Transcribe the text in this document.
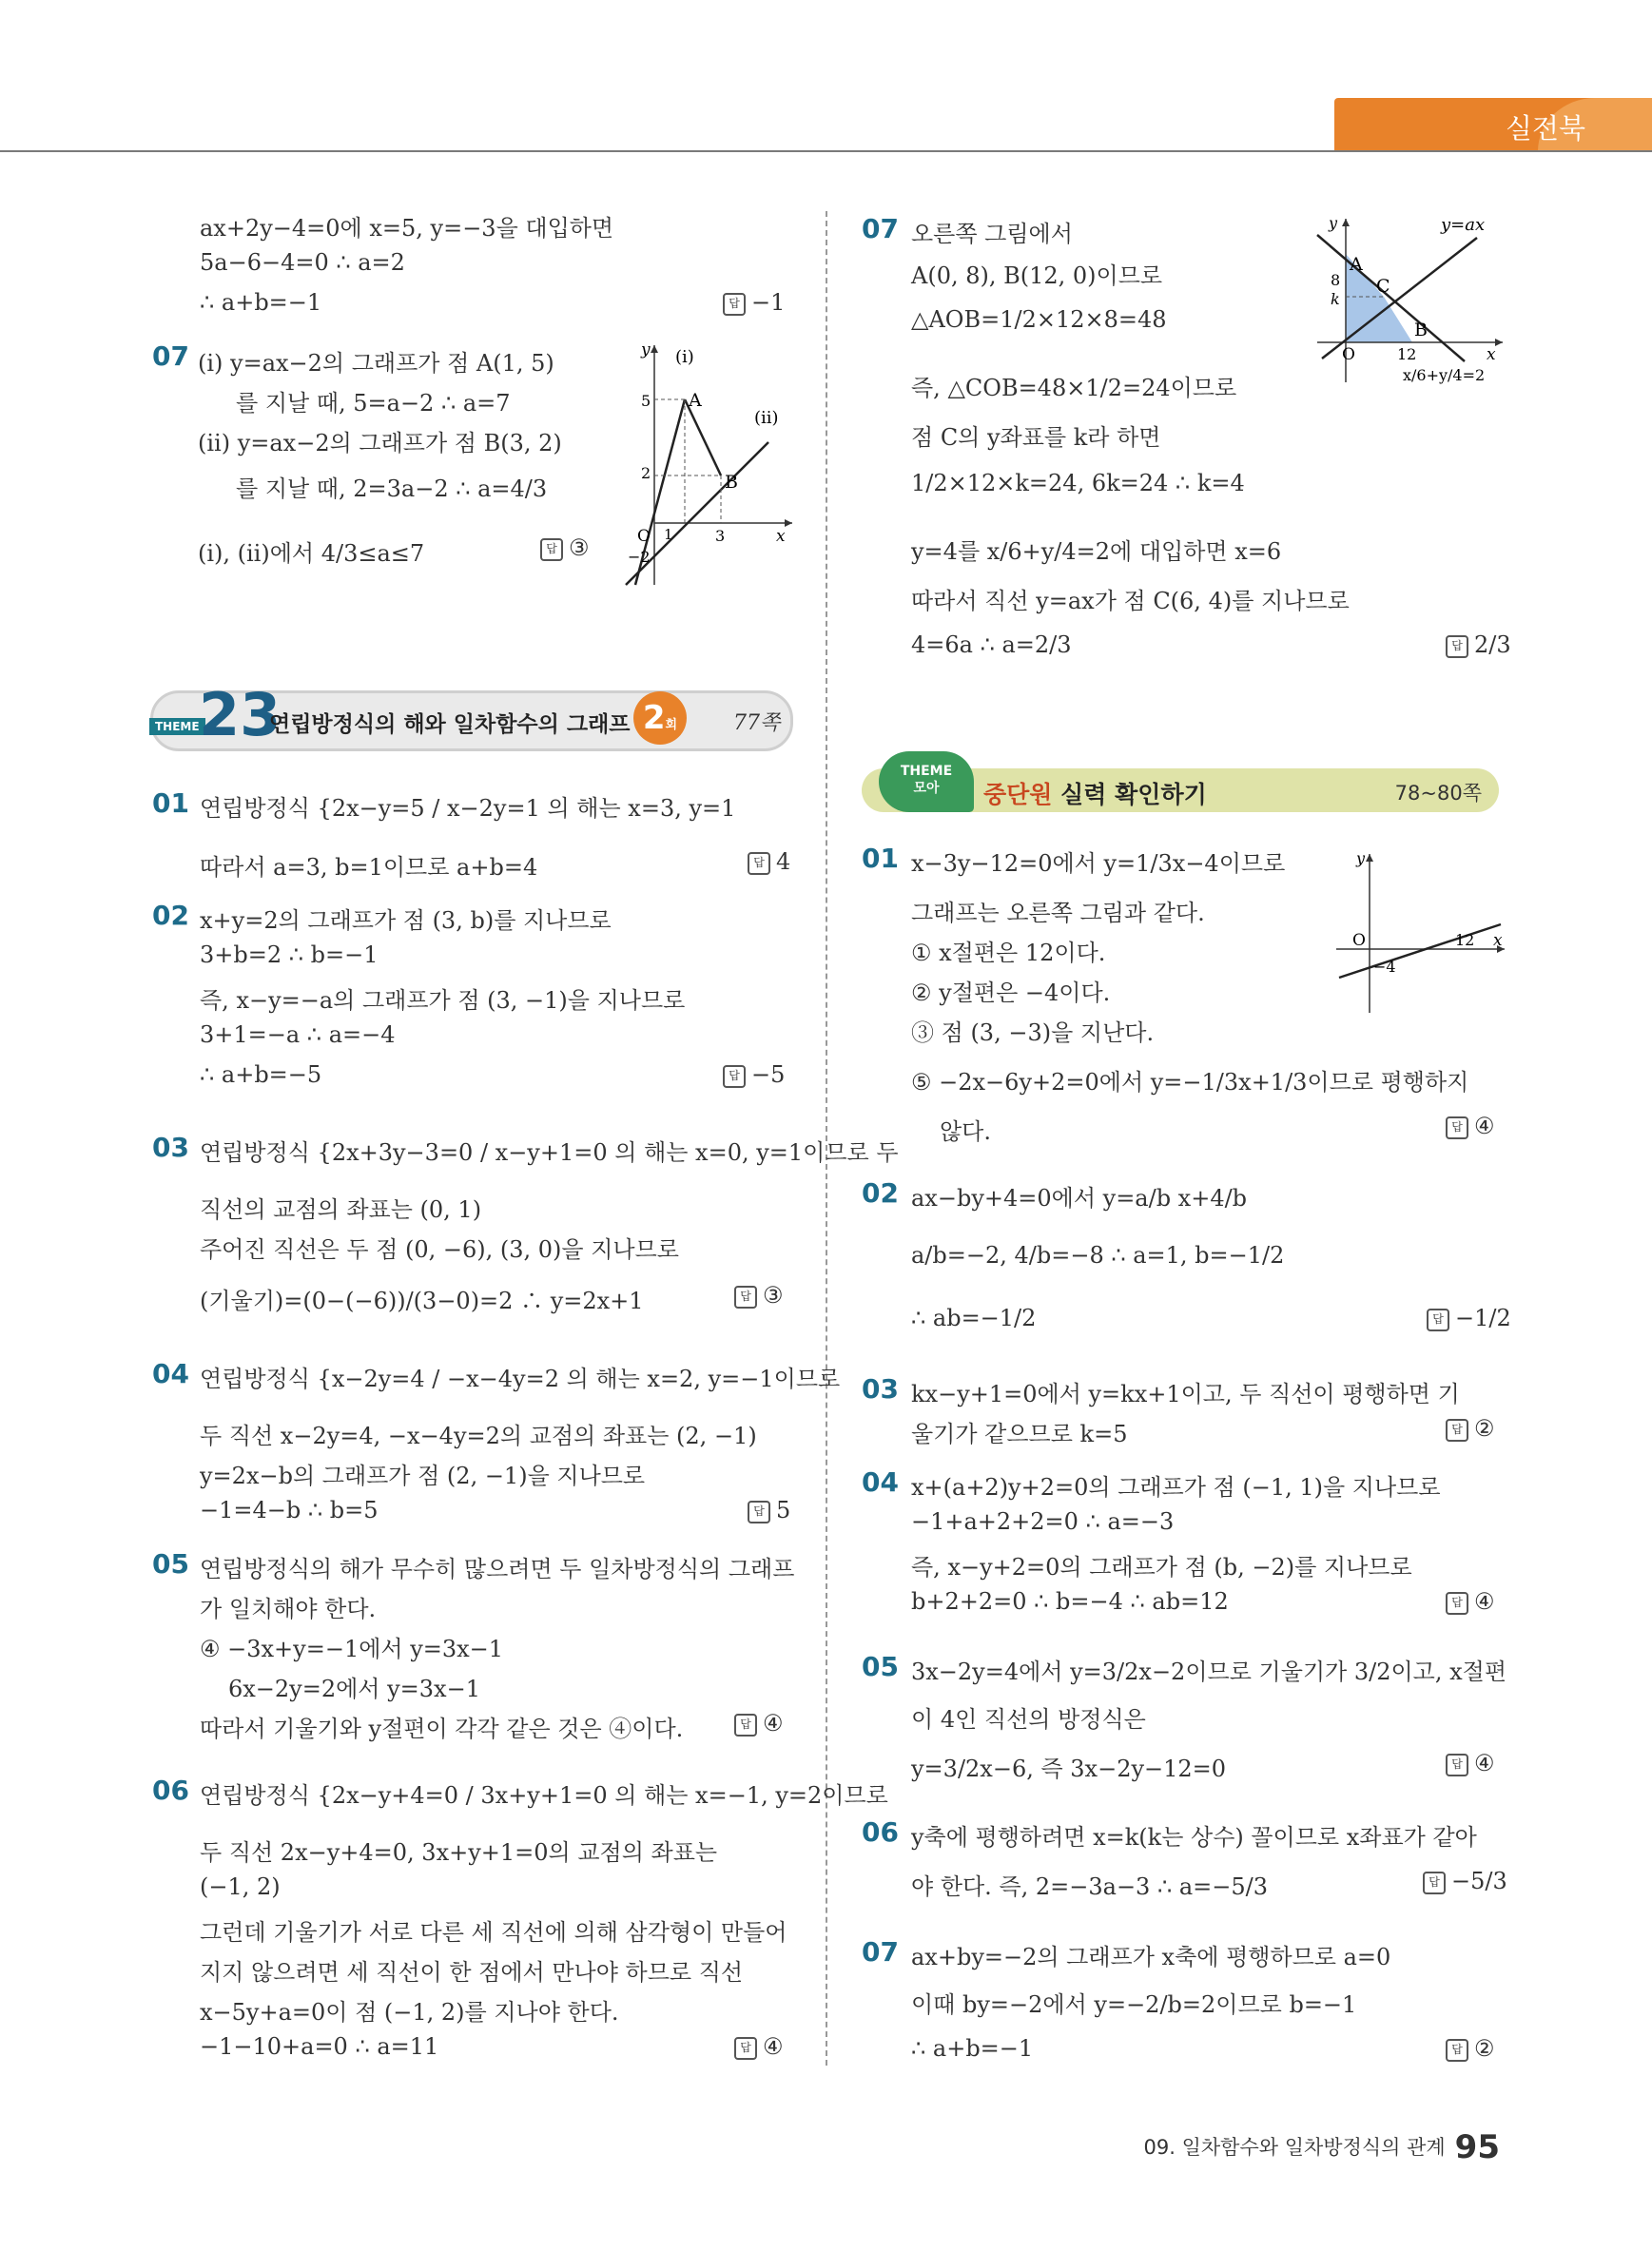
실전북
ax+2y−4=0에 x=5, y=−3을 대입하면
5a−6−4=0 ∴ a=2
∴ a+b=−1	답 −1
07 (ⅰ) y=ax−2의 그래프가 점 A(1, 5)
를 지날 때, 5=a−2 ∴ a=7
(ⅱ) y=ax−2의 그래프가 점 B(3, 2)
를 지날 때, 2=3a−2 ∴ a=4/3
(ⅰ), (ⅱ)에서 4/3≤a≤7	답 ③
y (ⅰ)
A
5
(ⅱ)
2	B
O 1	3	x
−2
THEME 23
연립방정식의 해와 일차함수의 그래프 2회	77쪽
01 연립방정식 {2x−y=5 / x−2y=1 의 해는 x=3, y=1
따라서 a=3, b=1이므로 a+b=4	답 4
02 x+y=2의 그래프가 점 (3, b)를 지나므로
3+b=2 ∴ b=−1
즉, x−y=−a의 그래프가 점 (3, −1)을 지나므로
3+1=−a ∴ a=−4
∴ a+b=−5	답 −5
03 연립방정식 {2x+3y−3=0 / x−y+1=0 의 해는 x=0, y=1이므로 두
직선의 교점의 좌표는 (0, 1)
주어진 직선은 두 점 (0, −6), (3, 0)을 지나므로
(기울기)=(0−(−6))/(3−0)=2 ∴ y=2x+1	답 ③
04 연립방정식 {x−2y=4 / −x−4y=2 의 해는 x=2, y=−1이므로
두 직선 x−2y=4, −x−4y=2의 교점의 좌표는 (2, −1)
y=2x−b의 그래프가 점 (2, −1)을 지나므로
−1=4−b ∴ b=5	답 5
05 연립방정식의 해가 무수히 많으려면 두 일차방정식의 그래프
가 일치해야 한다.
④ −3x+y=−1에서 y=3x−1
6x−2y=2에서 y=3x−1
따라서 기울기와 y절편이 각각 같은 것은 ④이다.	답 ④
06 연립방정식 {2x−y+4=0 / 3x+y+1=0 의 해는 x=−1, y=2이므로
두 직선 2x−y+4=0, 3x+y+1=0의 교점의 좌표는
(−1, 2)
그런데 기울기가 서로 다른 세 직선에 의해 삼각형이 만들어
지지 않으려면 세 직선이 한 점에서 만나야 하므로 직선
x−5y+a=0이 점 (−1, 2)를 지나야 한다.
−1−10+a=0 ∴ a=11	답 ④
07 오른쪽 그림에서
A(0, 8), B(12, 0)이므로
△AOB=1/2×12×8=48
즉, △COB=48×1/2=24이므로
점 C의 y좌표를 k라 하면
1/2×12×k=24, 6k=24 ∴ k=4
y=4를 x/6+y/4=2에 대입하면 x=6
따라서 직선 y=ax가 점 C(6, 4)를 지나므로
4=6a ∴ a=2/3	답 2/3
y	y=ax
A
8 C
k
B
O	12	x
x/6+y/4=2
THEME
모아	중단원 실력 확인하기	78~80쪽
01 x−3y−12=0에서 y=1/3x−4이므로
그래프는 오른쪽 그림과 같다.
① x절편은 12이다.
② y절편은 −4이다.
③ 점 (3, −3)을 지난다.
⑤ −2x−6y+2=0에서 y=−1/3x+1/3이므로 평행하지
않다.	답 ④
y
O	12 x
−4
02 ax−by+4=0에서 y=a/b x+4/b
a/b=−2, 4/b=−8 ∴ a=1, b=−1/2
∴ ab=−1/2	답 −1/2
03 kx−y+1=0에서 y=kx+1이고, 두 직선이 평행하면 기
울기가 같으므로 k=5	답 ②
04 x+(a+2)y+2=0의 그래프가 점 (−1, 1)을 지나므로
−1+a+2+2=0 ∴ a=−3
즉, x−y+2=0의 그래프가 점 (b, −2)를 지나므로
b+2+2=0 ∴ b=−4 ∴ ab=12	답 ④
05 3x−2y=4에서 y=3/2x−2이므로 기울기가 3/2이고, x절편
이 4인 직선의 방정식은
y=3/2x−6, 즉 3x−2y−12=0	답 ④
06 y축에 평행하려면 x=k(k는 상수) 꼴이므로 x좌표가 같아
야 한다. 즉, 2=−3a−3 ∴ a=−5/3	답 −5/3
07 ax+by=−2의 그래프가 x축에 평행하므로 a=0
이때 by=−2에서 y=−2/b=2이므로 b=−1
∴ a+b=−1	답 ②
09. 일차함수와 일차방정식의 관계 95
